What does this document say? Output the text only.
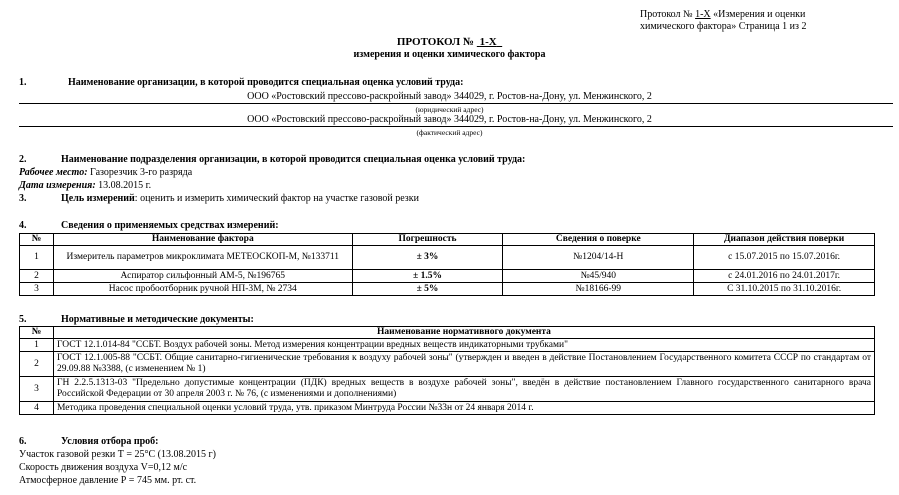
Протокол № 1-Х «Измерения и оценки
химического фактора» Страница 1 из 2
ПРОТОКОЛ №  1-Х
измерения и оценки химического фактора
1.	Наименование организации, в которой проводится специальная оценка условий труда:
ООО «Ростовский прессово-раскройный завод» 344029, г. Ростов-на-Дону, ул. Менжинского, 2
(юридический адрес)
ООО «Ростовский прессово-раскройный завод» 344029, г. Ростов-на-Дону, ул. Менжинского, 2
(фактический адрес)
2.	Наименование подразделения организации, в которой проводится специальная оценка условий труда:
Рабочее место: Газорезчик 3-го разряда
Дата измерения: 13.08.2015 г.
3.	Цель измерений: оценить и измерить химический фактор на участке газовой резки
4.	Сведения о применяемых средствах измерений:
№	Наименование фактора	Погрешность	Сведения о поверке	Диапазон действия поверки
1	Измеритель параметров микроклимата МЕТЕОСКОП-М, №133711	± 3%	№1204/14-Н	с 15.07.2015 по 15.07.2016г.
2	Аспиратор сильфонный АМ-5, №196765	± 1.5%	№45/940	с 24.01.2016 по 24.01.2017г.
3	Насос пробоотборник ручной НП-3М, № 2734	± 5%	№18166-99	С 31.10.2015 по 31.10.2016г.
5.	Нормативные и методические документы:
№	Наименование нормативного документа
1	ГОСТ 12.1.014-84 "ССБТ. Воздух рабочей зоны. Метод измерения концентрации вредных веществ индикаторными трубками"
2	ГОСТ 12.1.005-88 "ССБТ. Общие санитарно-гигиенические требования к воздуху рабочей зоны" (утвержден и введен в действие Постановлением Государственного комитета СССР по стандартам от 29.09.88 №3388, (с изменением № 1)
3	ГН 2.2.5.1313-03 "Предельно допустимые концентрации (ПДК) вредных веществ в воздухе рабочей зоны", введён в действие постановлением Главного государственного санитарного врача Российской Федерации от 30 апреля 2003 г. № 76, (с изменениями и дополнениями)
4	Методика проведения специальной оценки условий труда, утв. приказом Минтруда России №33н от 24 января 2014 г.
6.	Условия отбора проб:
Участок газовой резки Т = 25°С (13.08.2015 г)
Скорость движения воздуха V=0,12 м/с
Атмосферное давление Р = 745 мм. рт. ст.
